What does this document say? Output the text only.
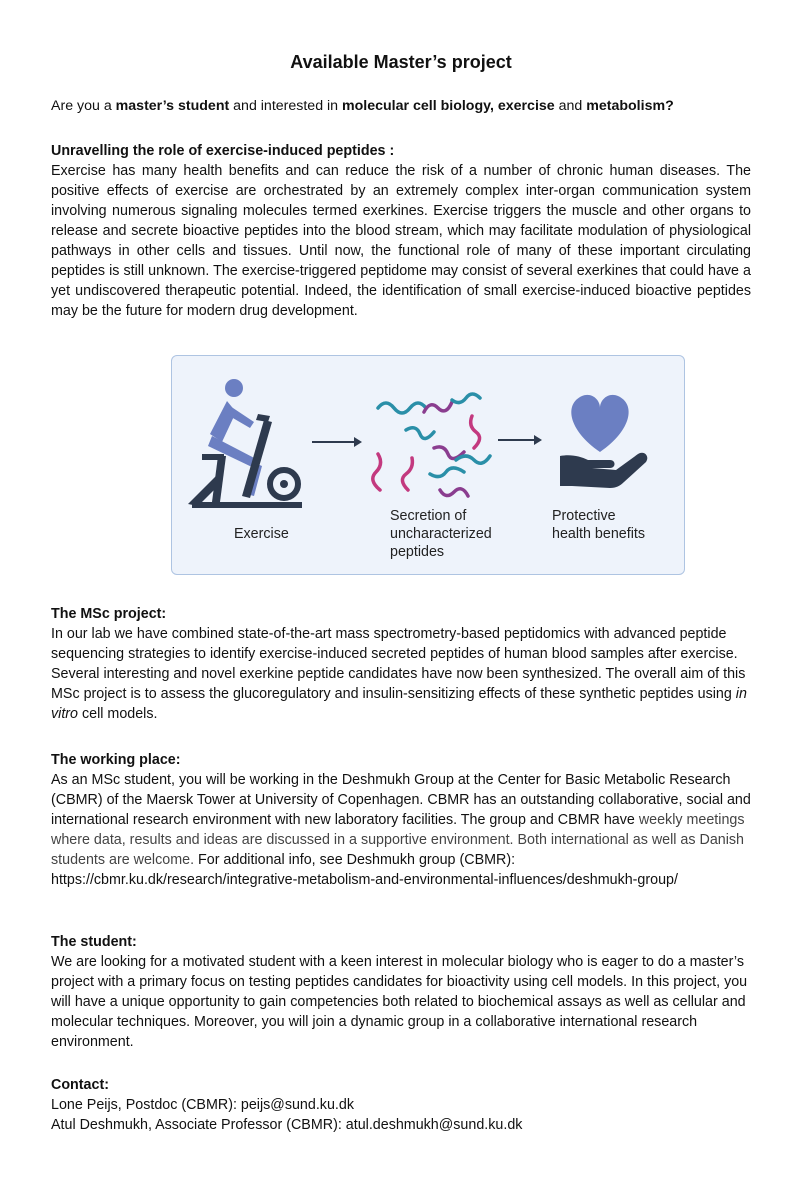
Available Master’s project
Are you a master’s student and interested in molecular cell biology, exercise and metabolism?
Unravelling the role of exercise-induced peptides :
Exercise has many health benefits and can reduce the risk of a number of chronic human diseases. The positive effects of exercise are orchestrated by an extremely complex inter-organ communication system involving numerous signaling molecules termed exerkines. Exercise triggers the muscle and other organs to release and secrete bioactive peptides into the blood stream, which may facilitate modulation of physiological pathways in other cells and tissues. Until now, the functional role of many of these important circulating peptides is still unknown. The exercise-triggered peptidome may consist of several exerkines that could have a yet undiscovered therapeutic potential. Indeed, the identification of small exercise-induced bioactive peptides may be the future for modern drug development.
Exercise
Secretion of
uncharacterized
peptides
Protective
health benefits
The MSc project:
In our lab we have combined state-of-the-art mass spectrometry-based peptidomics with advanced peptide sequencing strategies to identify exercise-induced secreted peptides of human blood samples after exercise. Several interesting and novel exerkine peptide candidates have now been synthesized. The overall aim of this MSc project is to assess the glucoregulatory and insulin-sensitizing effects of these synthetic peptides using in vitro cell models.
The working place:
As an MSc student, you will be working in the Deshmukh Group at the Center for Basic Metabolic Research (CBMR) of the Maersk Tower at University of Copenhagen. CBMR has an outstanding collaborative, social and international research environment with new laboratory facilities. The group and CBMR have weekly meetings where data, results and ideas are discussed in a supportive environment. Both international as well as Danish students are welcome. For additional info, see Deshmukh group (CBMR): https://cbmr.ku.dk/research/integrative-metabolism-and-environmental-influences/deshmukh-group/
The student:
We are looking for a motivated student with a keen interest in molecular biology who is eager to do a master’s project with a primary focus on testing peptides candidates for bioactivity using cell models. In this project, you will have a unique opportunity to gain competencies both related to biochemical assays as well as cellular and molecular techniques. Moreover, you will join a dynamic group in a collaborative international research environment.
Contact:
Lone Peijs, Postdoc (CBMR): peijs@sund.ku.dk
Atul Deshmukh, Associate Professor (CBMR): atul.deshmukh@sund.ku.dk
